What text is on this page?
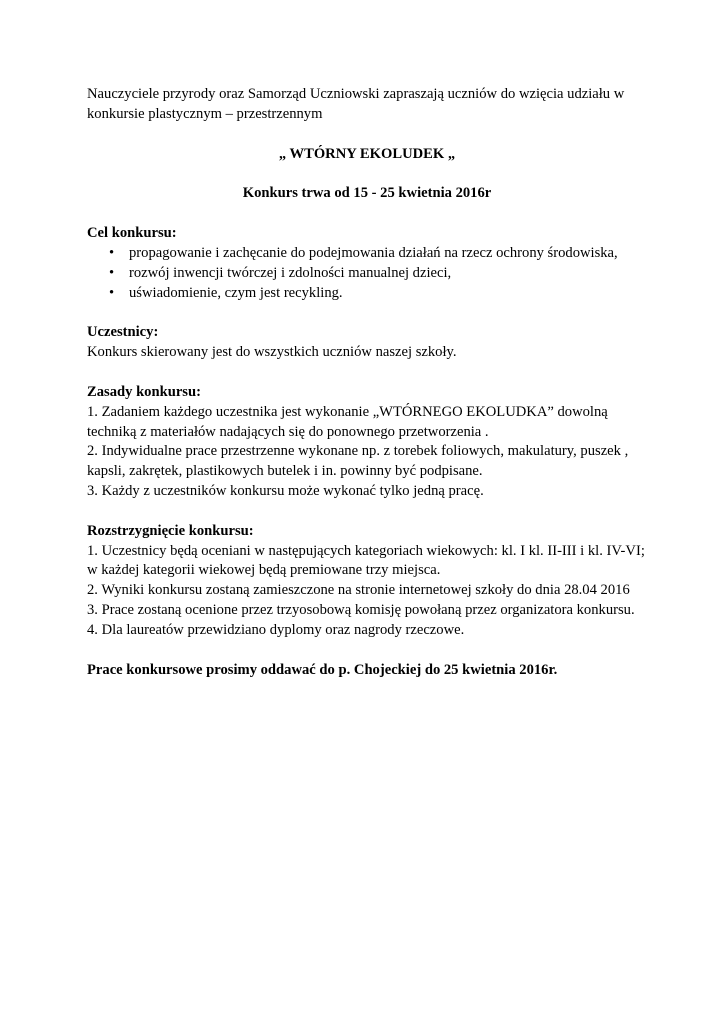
Nauczyciele przyrody oraz Samorząd Uczniowski zapraszają uczniów do wzięcia udziału w konkursie plastycznym – przestrzennym

„ WTÓRNY EKOLUDEK „

Konkurs trwa od 15 - 25 kwietnia 2016r

Cel konkursu:

• propagowanie i zachęcanie do podejmowania działań na rzecz ochrony środowiska,
• rozwój inwencji twórczej i zdolności manualnej dzieci,
• uświadomienie, czym jest recykling.

Uczestnicy:

Konkurs skierowany jest do wszystkich uczniów naszej szkoły.

Zasady konkursu:

1. Zadaniem każdego uczestnika jest wykonanie „WTÓRNEGO EKOLUDKA” dowolną techniką z materiałów nadających się do ponownego przetworzenia .

2. Indywidualne prace przestrzenne wykonane np. z torebek foliowych, makulatury, puszek , kapsli, zakrętek, plastikowych butelek i in. powinny być podpisane.

3. Każdy z uczestników konkursu może wykonać tylko jedną pracę.

Rozstrzygnięcie konkursu:

1. Uczestnicy będą oceniani w następujących kategoriach wiekowych: kl. I kl. II-III i kl. IV-VI; w każdej kategorii wiekowej będą premiowane trzy miejsca.

2. Wyniki konkursu zostaną zamieszczone na stronie internetowej szkoły do dnia 28.04 2016

3. Prace zostaną ocenione przez trzyosobową komisję powołaną przez organizatora konkursu.

4. Dla laureatów przewidziano dyplomy oraz nagrody rzeczowe.

Prace konkursowe prosimy oddawać do p. Chojeckiej do 25 kwietnia 2016r.
